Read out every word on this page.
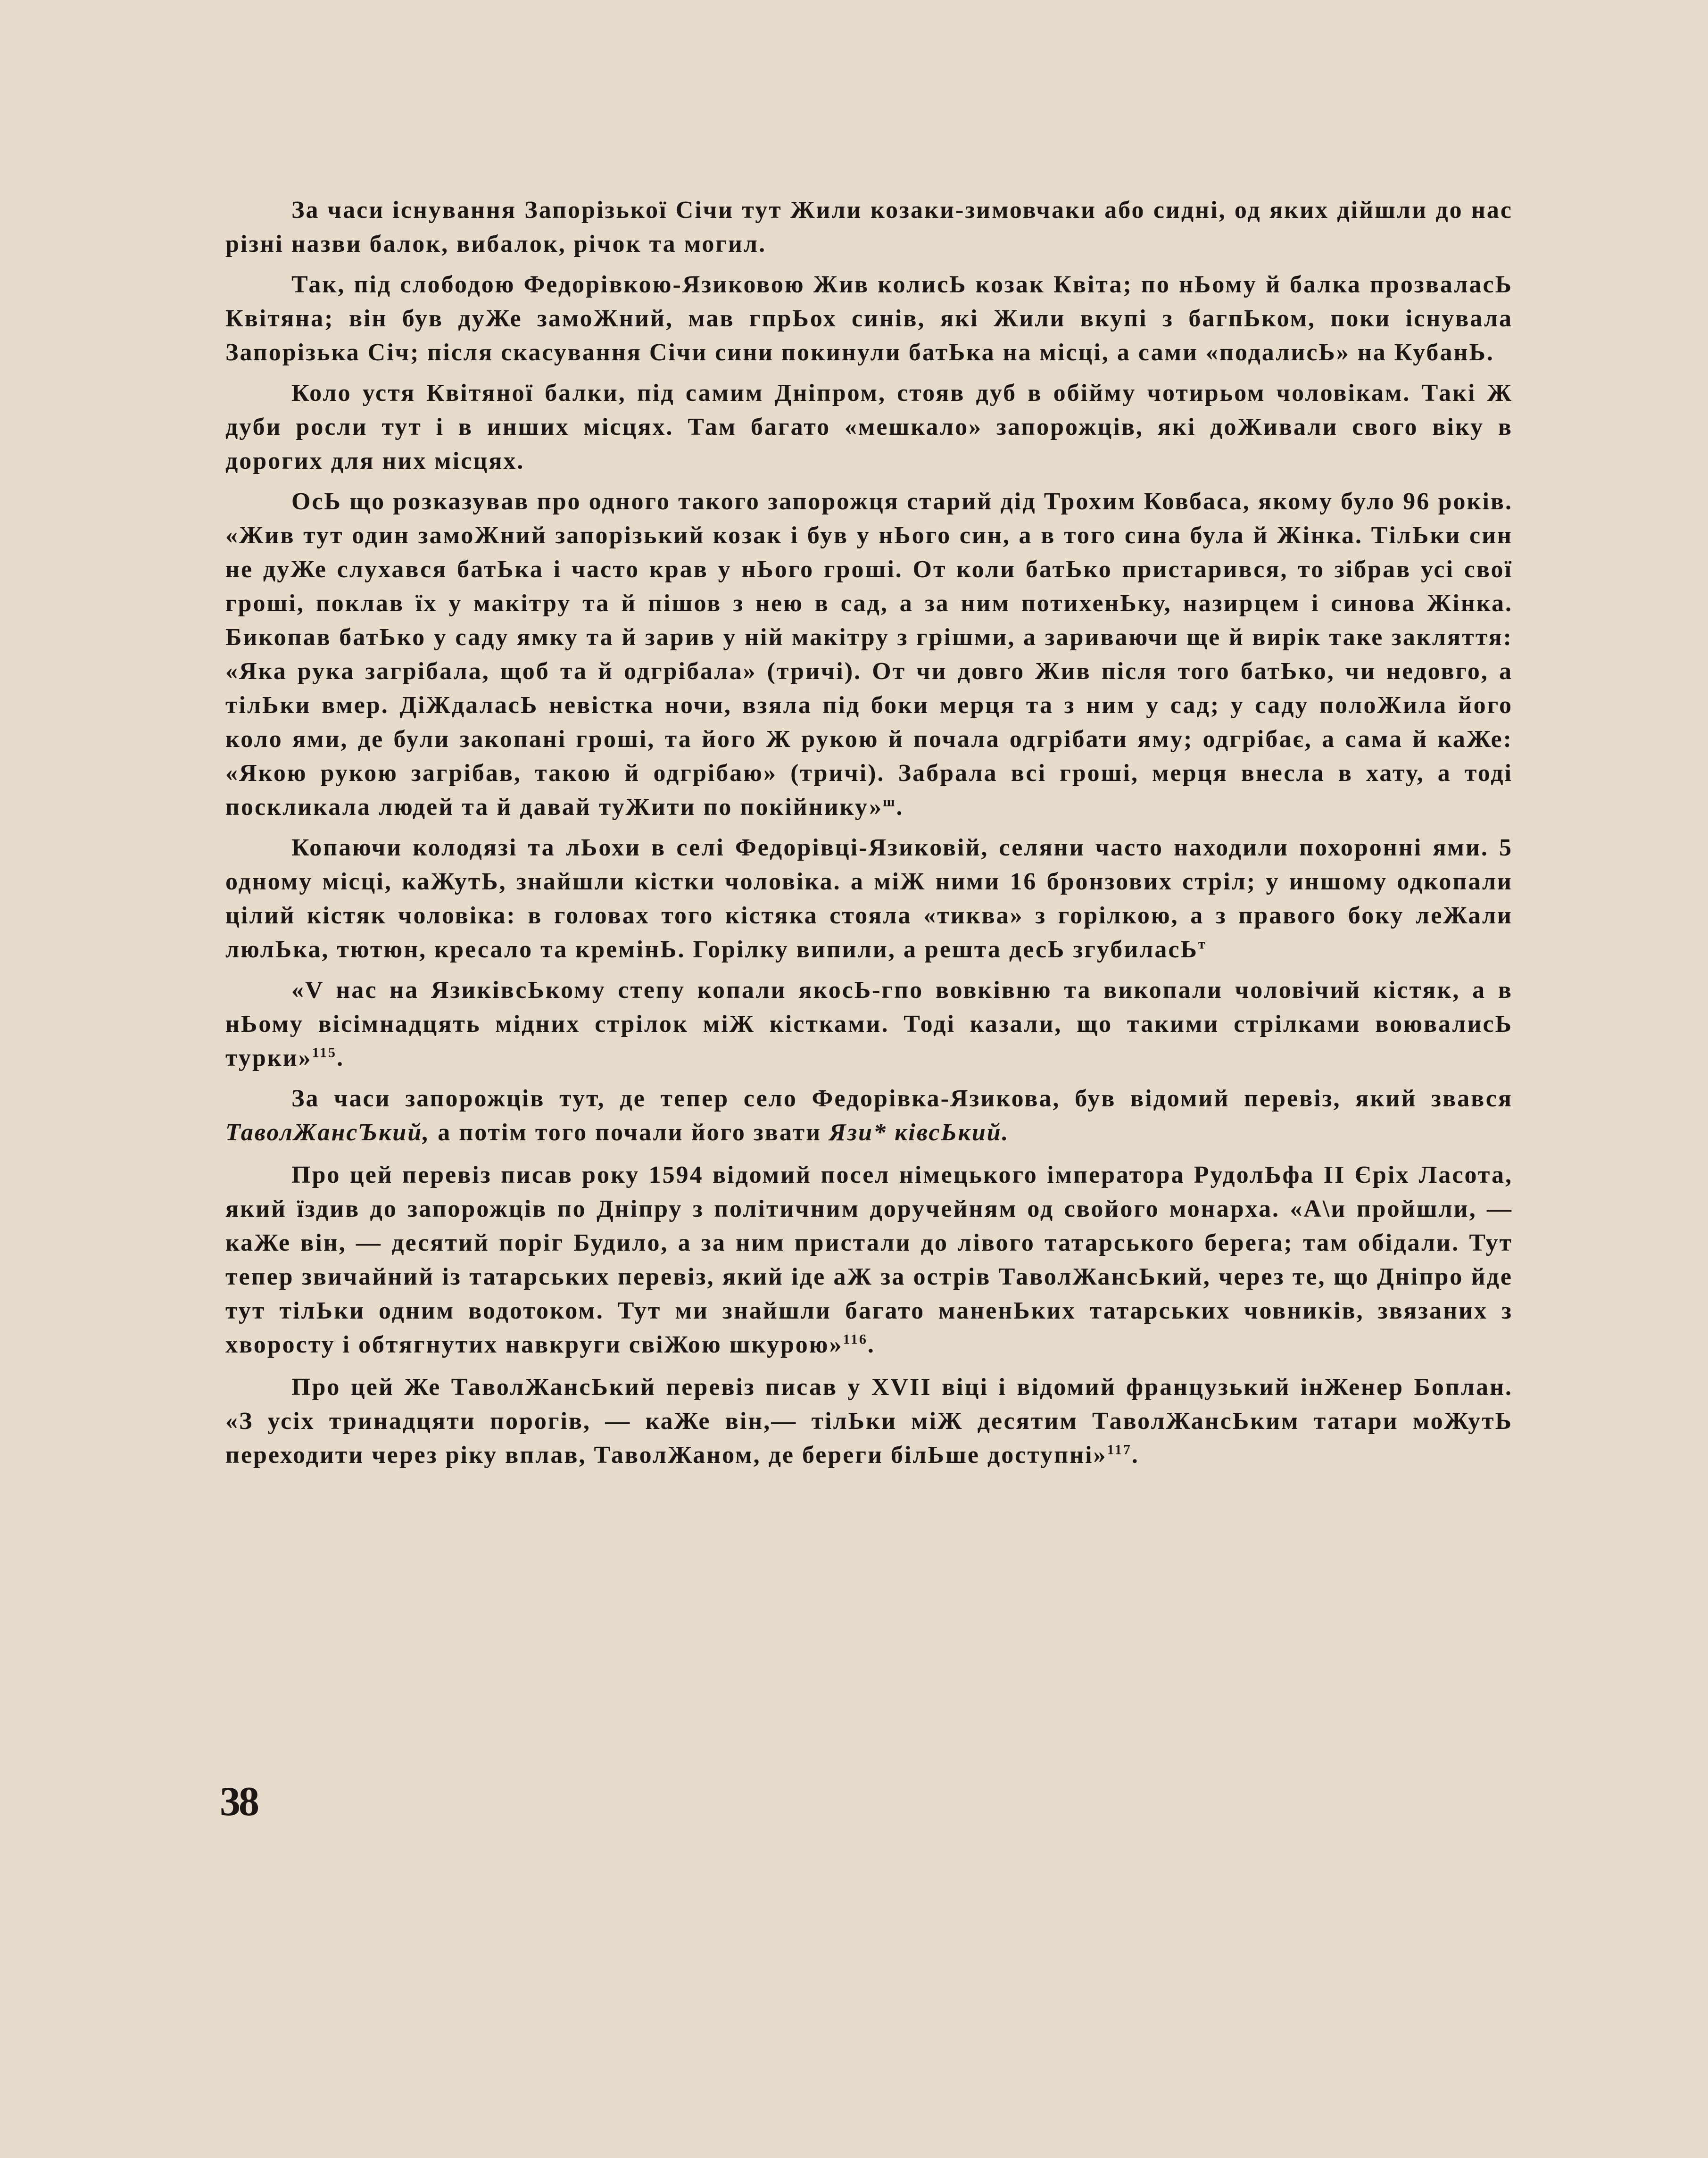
За часи існування Запорізької Січи тут Жили козаки-зимовчаки або сидні, од яких дійшли до нас різні назви балок, вибалок, річок та могил.

Так, під слободою Федорівкою-Язиковою Жив колисЬ козак Квіта; по нЬому й балка прозваласЬ Квітяна; він був дуЖе замоЖний, мав гпрЬох синів, які Жили вкупі з багпЬком, поки існувала Запорізька Січ; після скасування Січи сини покинули батЬка на місці, а сами «подалисЬ» на КубанЬ.

Коло устя Квітяної балки, під самим Дніпром, стояв дуб в обійму чотирьом чоловікам. Такі Ж дуби росли тут і в инших місцях. Там багато «мешкало» запорожців, які доЖивали свого віку в дорогих для них місцях.

ОсЬ що розказував про одного такого запорожця старий дід Трохим Ковбаса, якому було 96 років. «Жив тут один замоЖний запорізький козак і був у нЬого син, а в того сина була й Жінка. ТілЬки син не дуЖе слухався батЬка і часто крав у нЬого гроші. От коли батЬко пристарився, то зібрав усі свої гроші, поклав їх у макітру та й пішов з нею в сад, а за ним потихенЬку, назирцем і синова Жінка. Бикопав батЬко у саду ямку та й зарив у ній макітру з грішми, а зариваючи ще й вирік таке закляття: «Яка рука загрібала, щоб та й одгрібала» (тричі). От чи довго Жив після того батЬко, чи недовго, а тілЬки вмер. ДіЖдаласЬ невістка ночи, взяла під боки мерця та з ним у сад; у саду полоЖила його коло ями, де були закопані гроші, та його Ж рукою й почала одгрібати яму; одгрібає, а сама й каЖе: «Якою рукою загрібав, такою й одгрібаю» (тричі). Забрала всі гроші, мерця внесла в хату, а тоді поскликала людей та й давай туЖити по покійнику»$^ш$.

Копаючи колодязі та лЬохи в селі Федорівці-Язиковій, селяни часто находили похоронні ями. 5 одному місці, каЖутЬ, знайшли кістки чоловіка. а міЖ ними 16 бронзових стріл; у иншому одкопали цілий кістяк чоловіка: в головах того кістяка стояла «тиква» з горілкою, а з правого боку леЖали люлЬка, тютюн, кресало та кремінЬ. Горілку випили, а решта десЬ згубиласЬ$^т$

«V нас на ЯзиківсЬкому степу копали якосЬ-гпо вовківню та викопали чоловічий кістяк, а в нЬому вісімнадцять мідних стрілок міЖ кістками. Тоді казали, що такими стрілками воювалисЬ турки»$^{115}$.

За часи запорожців тут, де тепер село Федорівка-Язикова, був відомий перевіз, який звався ТаволЖансЪкий, а потім того почали його звати Язи* ківсЬкий.

Про цей перевіз писав року 1594 відомий посел німецького імператора РудолЬфа II Єріх Ласота, який їздив до запорожців по Дніпру з політичним доручейням од свойого монарха. «А\и пройшли, — каЖе він, — десятий поріг Будило, а за ним пристали до лівого татарського берега; там обідали. Тут тепер звичайний із татарських перевіз, який іде аЖ за острів ТаволЖансЬкий, через те, що Дніпро йде тут тілЬки одним водотоком. Тут ми знайшли багато маненЬких татарських човників, звязаних з хворосту і обтягнутих навкруги свіЖою шкурою»$^{116}$.

Про цей Же ТаволЖансЬкий перевіз писав у XVII віці і відомий французький інЖенер Боплан. «З усіх тринадцяти порогів, — каЖе він,— тілЬки міЖ десятим ТаволЖансЬким татари моЖутЬ переходити через ріку вплав, ТаволЖаном, де береги білЬше доступні»$^{117}$.

38
